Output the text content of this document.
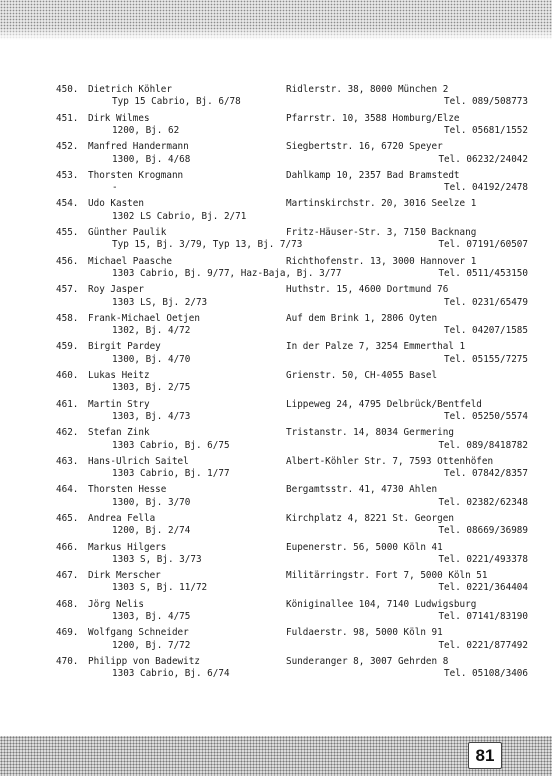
450. Dietrich Köhler
Typ 15 Cabrio, Bj. 6/78
Ridlerstr. 38, 8000 München 2
Tel. 089/508773
451. Dirk Wilmes
1200, Bj. 62
Pfarrstr. 10, 3588 Homburg/Elze
Tel. 05681/1552
452. Manfred Handermann
1300, Bj. 4/68
Siegbertstr. 16, 6720 Speyer
Tel. 06232/24042
453. Thorsten Krogmann
-
Dahlkamp 10, 2357 Bad Bramstedt
Tel. 04192/2478
454. Udo Kasten
1302 LS Cabrio, Bj. 2/71
Martinskirchstr. 20, 3016 Seelze 1
455. Günther Paulik
Typ 15, Bj. 3/79, Typ 13, Bj. 7/73
Fritz-Häuser-Str. 3, 7150 Backnang
Tel. 07191/60507
456. Michael Paasche
1303 Cabrio, Bj. 9/77, Haz-Baja, Bj. 3/77
Richthofenstr. 13, 3000 Hannover 1
Tel. 0511/453150
457. Roy Jasper
1303 LS, Bj. 2/73
Huthstr. 15, 4600 Dortmund 76
Tel. 0231/65479
458. Frank-Michael Oetjen
1302, Bj. 4/72
Auf dem Brink 1, 2806 Oyten
Tel. 04207/1585
459. Birgit Pardey
1300, Bj. 4/70
In der Palze 7, 3254 Emmerthal 1
Tel. 05155/7275
460. Lukas Heitz
1303, Bj. 2/75
Grienstr. 50, CH-4055 Basel
461. Martin Stry
1303, Bj. 4/73
Lippeweg 24, 4795 Delbrück/Bentfeld
Tel. 05250/5574
462. Stefan Zink
1303 Cabrio, Bj. 6/75
Tristanstr. 14, 8034 Germering
Tel. 089/8418782
463. Hans-Ulrich Saitel
1303 Cabrio, Bj. 1/77
Albert-Köhler Str. 7, 7593 Ottenhöfen
Tel. 07842/8357
464. Thorsten Hesse
1300, Bj. 3/70
Bergamtsstr. 41, 4730 Ahlen
Tel. 02382/62348
465. Andrea Fella
1200, Bj. 2/74
Kirchplatz 4, 8221 St. Georgen
Tel. 08669/36989
466. Markus Hilgers
1303 S, Bj. 3/73
Eupenerstr. 56, 5000 Köln 41
Tel. 0221/493378
467. Dirk Merscher
1303 S, Bj. 11/72
Militärringstr. Fort 7, 5000 Köln 51
Tel. 0221/364404
468. Jörg Nelis
1303, Bj. 4/75
Königinallee 104, 7140 Ludwigsburg
Tel. 07141/83190
469. Wolfgang Schneider
1200, Bj. 7/72
Fuldaerstr. 98, 5000 Köln 91
Tel. 0221/877492
470. Philipp von Badewitz
1303 Cabrio, Bj. 6/74
Sunderanger 8, 3007 Gehrden 8
Tel. 05108/3406
81
